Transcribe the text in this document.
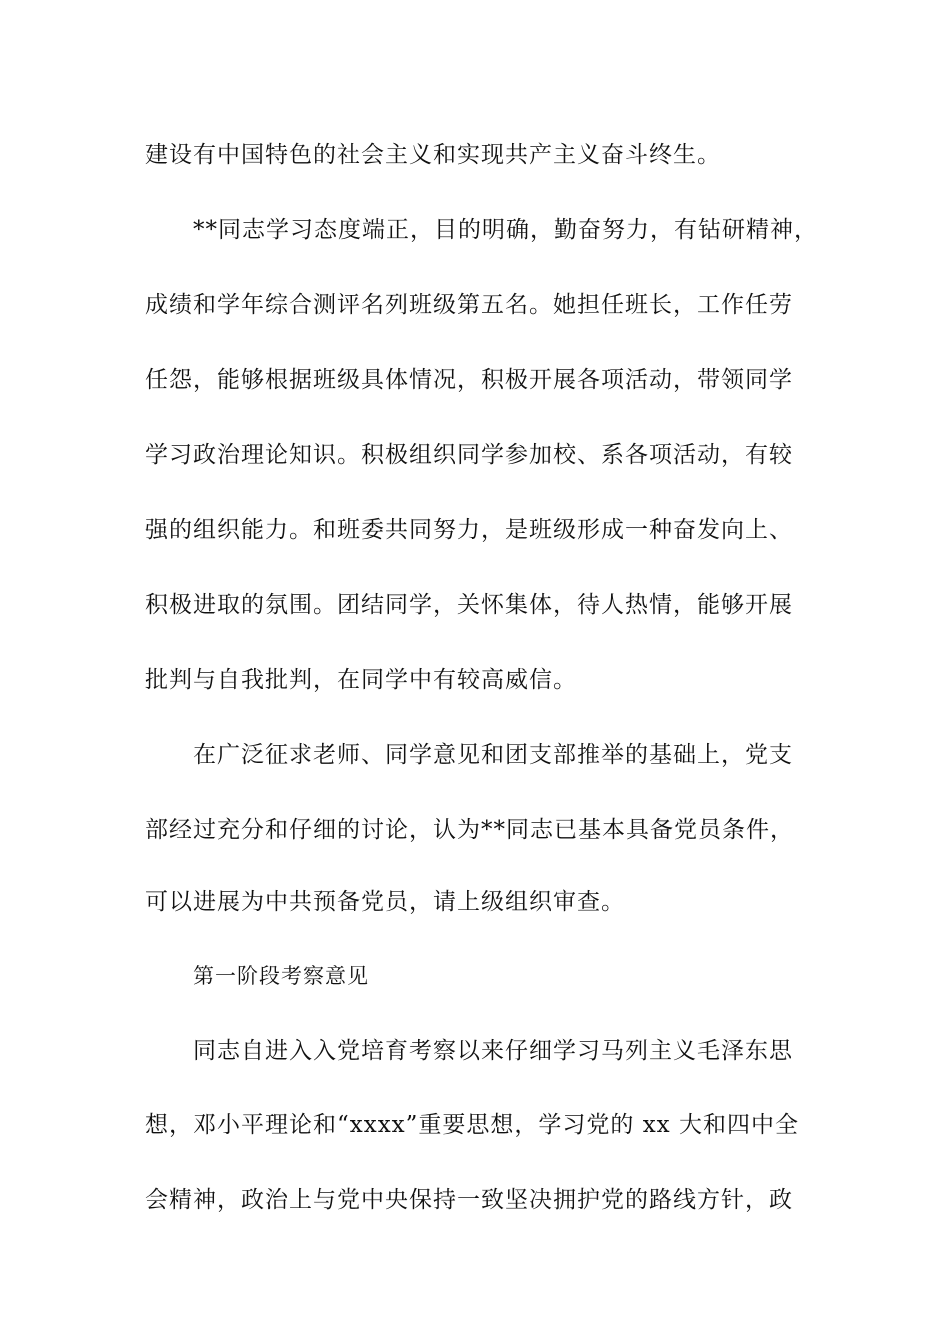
建设有中国特色的社会主义和实现共产主义奋斗终生。
**同志学习态度端正，目的明确，勤奋努力，有钻研精神，
成绩和学年综合测评名列班级第五名。她担任班长，工作任劳
任怨，能够根据班级具体情况，积极开展各项活动，带领同学
学习政治理论知识。积极组织同学参加校、系各项活动，有较
强的组织能力。和班委共同努力，是班级形成一种奋发向上、
积极进取的氛围。团结同学，关怀集体，待人热情，能够开展
批判与自我批判，在同学中有较高威信。
在广泛征求老师、同学意见和团支部推举的基础上，党支
部经过充分和仔细的讨论，认为**同志已基本具备党员条件，
可以进展为中共预备党员，请上级组织审查。
第一阶段考察意见
同志自进入入党培育考察以来仔细学习马列主义毛泽东思
想，邓小平理论和“xxxx”重要思想，学习党的 xx 大和四中全
会精神，政治上与党中央保持一致坚决拥护党的路线方针，政
